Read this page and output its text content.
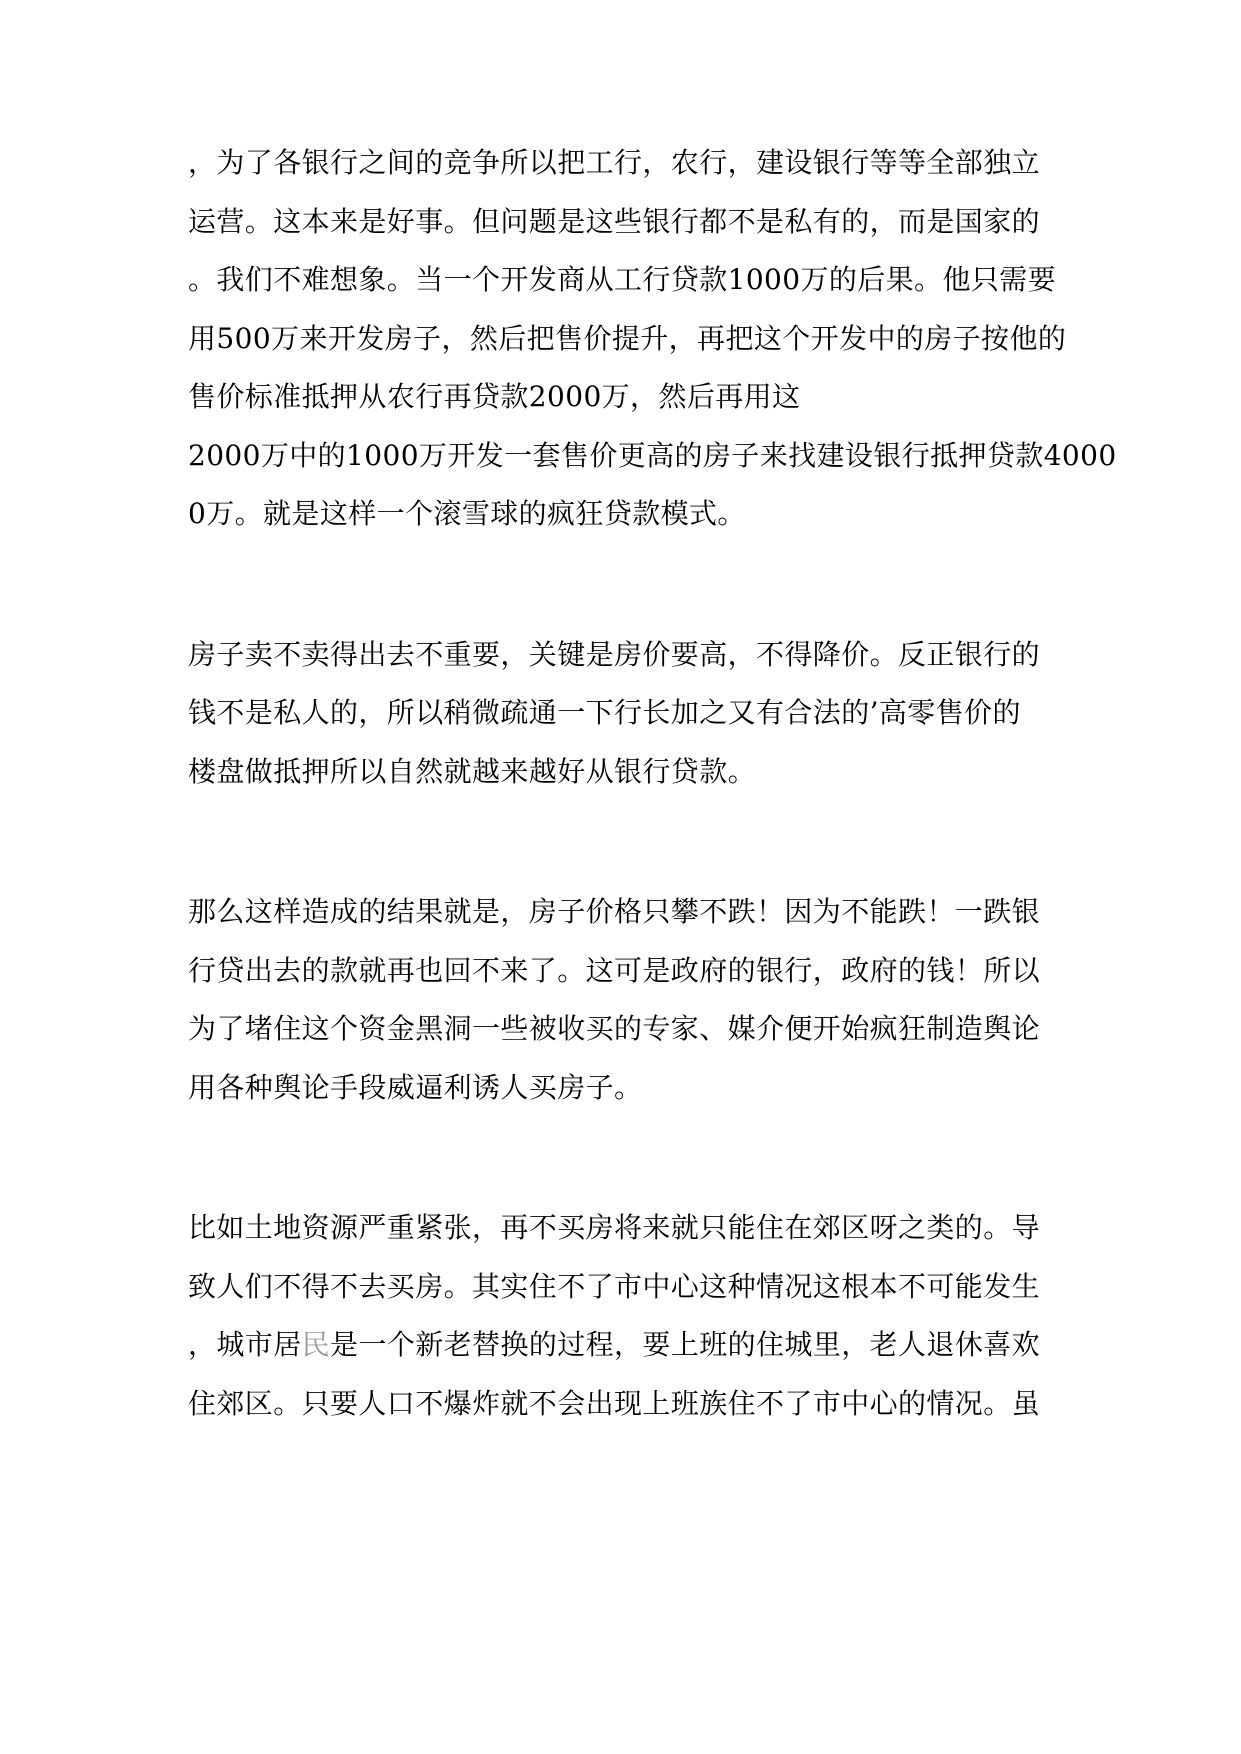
，为了各银行之间的竞争所以把工行，农行，建设银行等等全部独立
运营。这本来是好事。但问题是这些银行都不是私有的，而是国家的
。我们不难想象。当一个开发商从工行贷款1000万的后果。他只需要
用500万来开发房子，然后把售价提升，再把这个开发中的房子按他的
售价标准抵押从农行再贷款2000万，然后再用这
2000万中的1000万开发一套售价更高的房子来找建设银行抵押贷款4000
0万。就是这样一个滚雪球的疯狂贷款模式。
房子卖不卖得出去不重要，关键是房价要高，不得降价。反正银行的
钱不是私人的，所以稍微疏通一下行长加之又有合法的’高零售价的
楼盘做抵押所以自然就越来越好从银行贷款。
那么这样造成的结果就是，房子价格只攀不跌！因为不能跌！一跌银
行贷出去的款就再也回不来了。这可是政府的银行，政府的钱！所以
为了堵住这个资金黑洞一些被收买的专家、媒介便开始疯狂制造舆论
用各种舆论手段威逼利诱人买房子。
比如土地资源严重紧张，再不买房将来就只能住在郊区呀之类的。导
致人们不得不去买房。其实住不了市中心这种情况这根本不可能发生
，城市居民是一个新老替换的过程，要上班的住城里，老人退休喜欢
住郊区。只要人口不爆炸就不会出现上班族住不了市中心的情况。虽
